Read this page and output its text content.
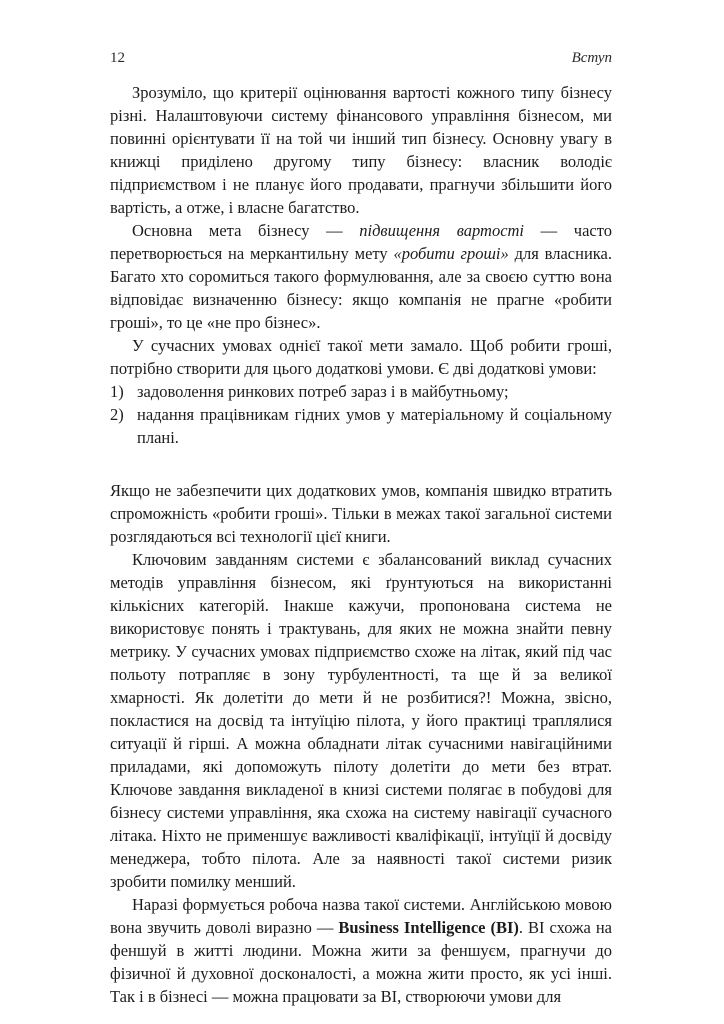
12	Вступ

Зрозуміло, що критерії оцінювання вартості кожного типу бізнесу різні. Налаштовуючи систему фінансового управління бізнесом, ми повинні орієнтувати її на той чи інший тип бізнесу. Основну увагу в книжці приділено другому типу бізнесу: власник володіє підприємством і не планує його продавати, прагнучи збільшити його вартість, а отже, і власне багатство.

Основна мета бізнесу — підвищення вартості — часто перетворюється на меркантильну мету «робити гроші» для власника. Багато хто соромиться такого формулювання, але за своєю суттю вона відповідає визначенню бізнесу: якщо компанія не прагне «робити гроші», то це «не про бізнес».

У сучасних умовах однієї такої мети замало. Щоб робити гроші, потрібно створити для цього додаткові умови. Є дві додаткові умови:

1) задоволення ринкових потреб зараз і в майбутньому;
2) надання працівникам гідних умов у матеріальному й соціальному плані.

Якщо не забезпечити цих додаткових умов, компанія швидко втратить спроможність «робити гроші». Тільки в межах такої загальної системи розглядаються всі технології цієї книги.

Ключовим завданням системи є збалансований виклад сучасних методів управління бізнесом, які ґрунтуються на використанні кількісних категорій. Інакше кажучи, пропонована система не використовує понять і трактувань, для яких не можна знайти певну метрику. У сучасних умовах підприємство схоже на літак, який під час польоту потрапляє в зону турбулентності, та ще й за великої хмарності. Як долетіти до мети й не розбитися?! Можна, звісно, покластися на досвід та інтуїцію пілота, у його практиці траплялися ситуації й гірші. А можна обладнати літак сучасними навігаційними приладами, які допоможуть пілоту долетіти до мети без втрат. Ключове завдання викладеної в книзі системи полягає в побудові для бізнесу системи управління, яка схожа на систему навігації сучасного літака. Ніхто не применшує важливості кваліфікації, інтуїції й досвіду менеджера, тобто пілота. Але за наявності такої системи ризик зробити помилку менший.

Наразі формується робоча назва такої системи. Англійською мовою вона звучить доволі виразно — Business Intelligence (BI). BI схожа на феншуй в житті людини. Можна жити за феншуєм, прагнучи до фізичної й духовної досконалості, а можна жити просто, як усі інші. Так і в бізнесі — можна працювати за BI, створюючи умови для
